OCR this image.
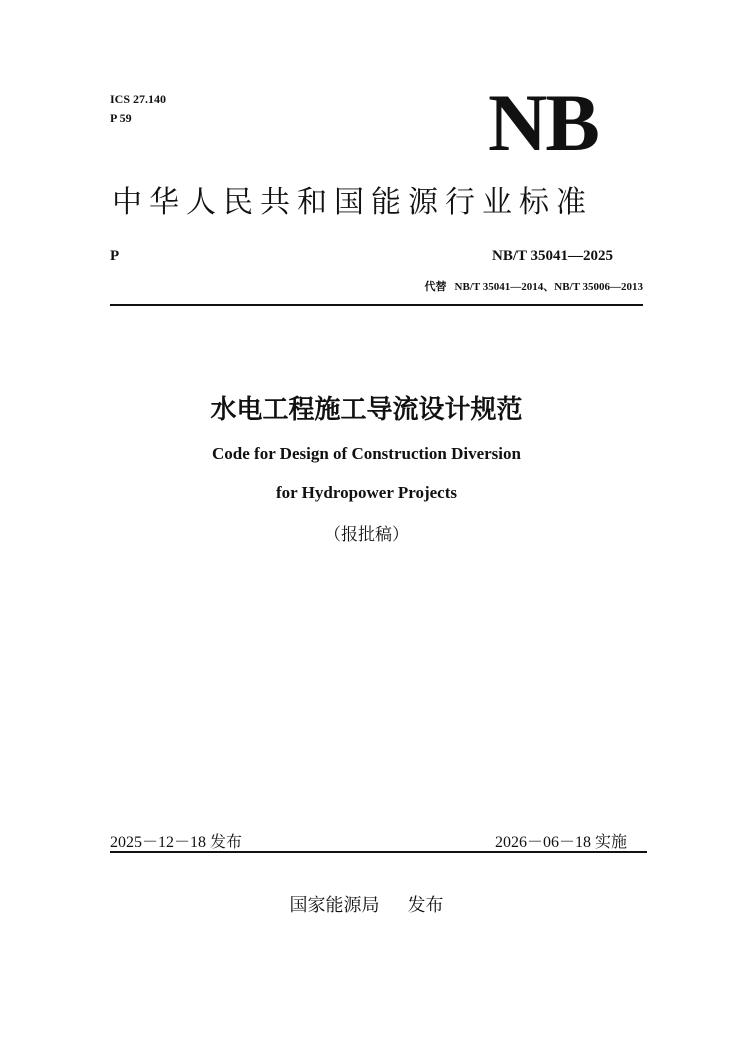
ICS 27.140
P 59	NB
中华人民共和国能源行业标准
P	NB/T 35041—2025
代替 NB/T 35041—2014、NB/T 35006—2013
水电工程施工导流设计规范
Code for Design of Construction Diversion
for Hydropower Projects
（报批稿）
2025－12－18 发布	2026－06－18 实施
国家能源局 发布
